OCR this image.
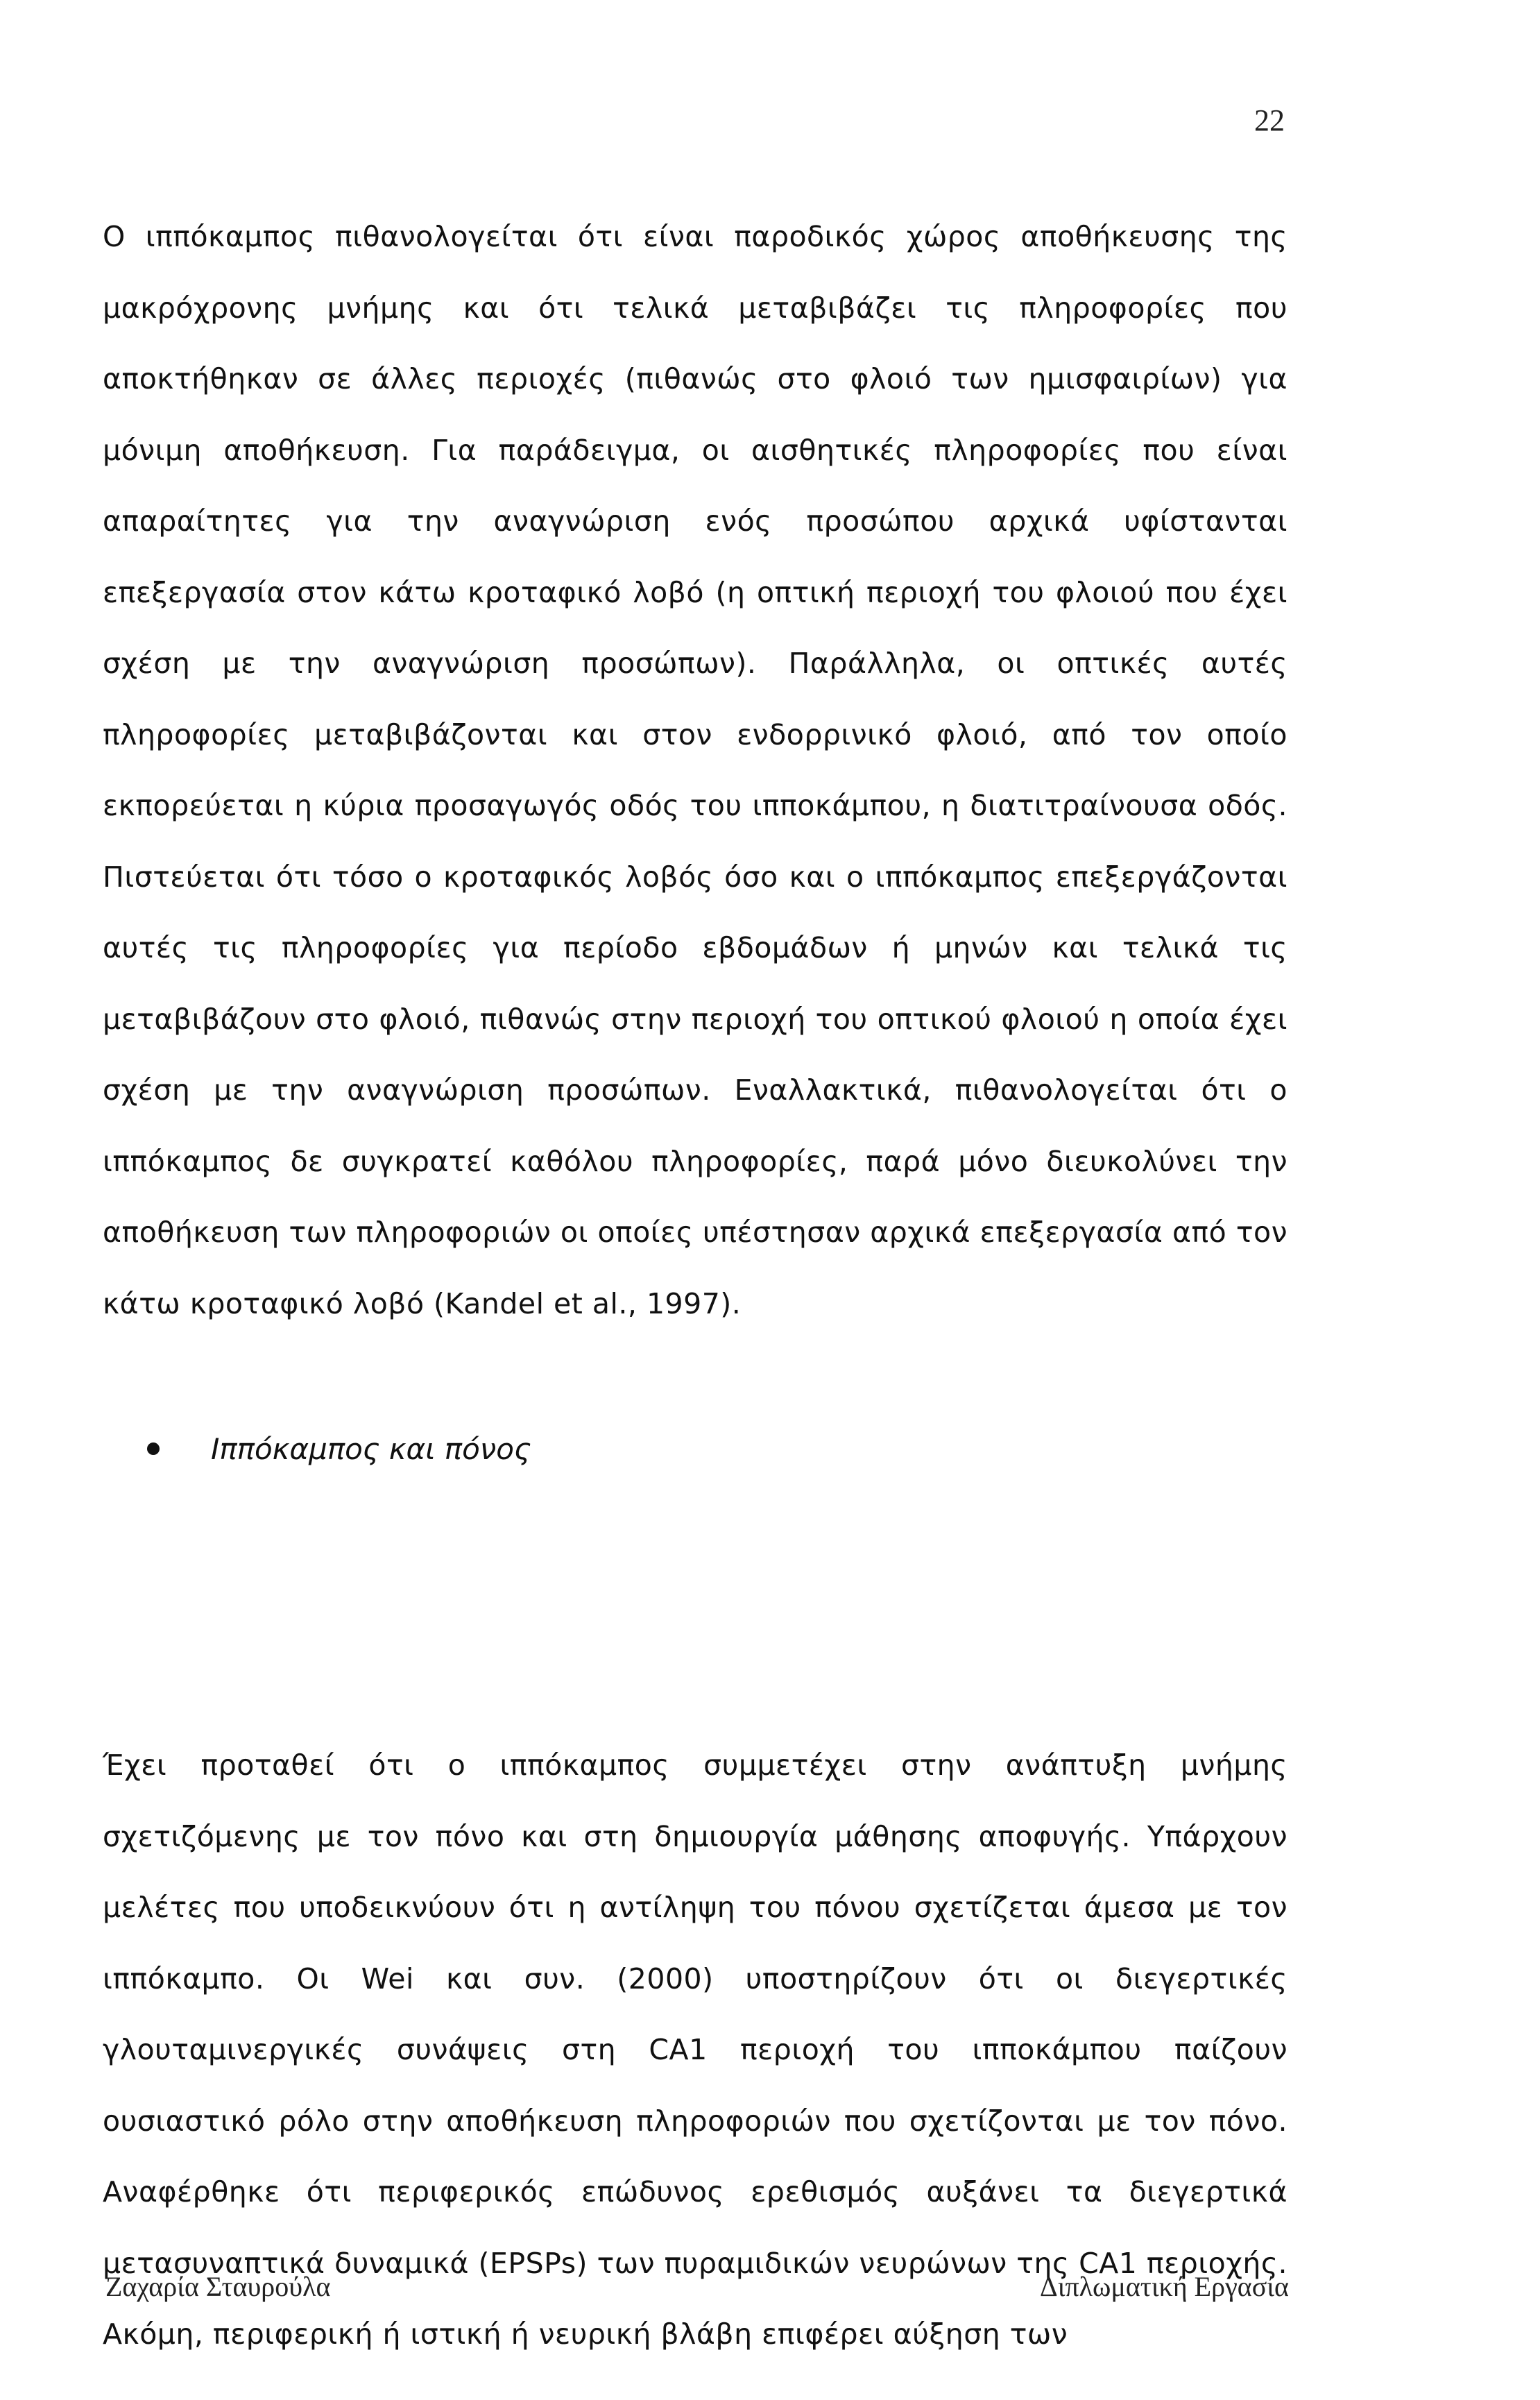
22

Ο ιππόκαμπος πιθανολογείται ότι είναι παροδικός χώρος αποθήκευσης της μακρόχρονης μνήμης και ότι τελικά μεταβιβάζει τις πληροφορίες που αποκτήθηκαν σε άλλες περιοχές (πιθανώς στο φλοιό των ημισφαιρίων) για μόνιμη αποθήκευση. Για παράδειγμα, οι αισθητικές πληροφορίες που είναι απαραίτητες για την αναγνώριση ενός προσώπου αρχικά υφίστανται επεξεργασία στον κάτω κροταφικό λοβό (η οπτική περιοχή του φλοιού που έχει σχέση με την αναγνώριση προσώπων). Παράλληλα, οι οπτικές αυτές πληροφορίες μεταβιβάζονται και στον ενδορρινικό φλοιό, από τον οποίο εκπορεύεται η κύρια προσαγωγός οδός του ιπποκάμπου, η διατιτραίνουσα οδός. Πιστεύεται ότι τόσο ο κροταφικός λοβός όσο και ο ιππόκαμπος επεξεργάζονται αυτές τις πληροφορίες για περίοδο εβδομάδων ή μηνών και τελικά τις μεταβιβάζουν στο φλοιό, πιθανώς στην περιοχή του οπτικού φλοιού η οποία έχει σχέση με την αναγνώριση προσώπων. Εναλλακτικά, πιθανολογείται ότι ο ιππόκαμπος δε συγκρατεί καθόλου πληροφορίες, παρά μόνο διευκολύνει την αποθήκευση των πληροφοριών οι οποίες υπέστησαν αρχικά επεξεργασία από τον κάτω κροταφικό λοβό (Kandel et al., 1997).

Ιππόκαμπος και πόνος

Έχει προταθεί ότι ο ιππόκαμπος συμμετέχει στην ανάπτυξη μνήμης σχετιζόμενης με τον πόνο και στη δημιουργία μάθησης αποφυγής. Υπάρχουν μελέτες που υποδεικνύουν ότι η αντίληψη του πόνου σχετίζεται άμεσα με τον ιππόκαμπο. Οι Wei και συν. (2000) υποστηρίζουν ότι οι διεγερτικές γλουταμινεργικές συνάψεις στη CA1 περιοχή του ιπποκάμπου παίζουν ουσιαστικό ρόλο στην αποθήκευση πληροφοριών που σχετίζονται με τον πόνο. Αναφέρθηκε ότι περιφερικός επώδυνος ερεθισμός αυξάνει τα διεγερτικά μετασυναπτικά δυναμικά (EPSPs) των πυραμιδικών νευρώνων της CA1 περιοχής. Ακόμη, περιφερική ή ιστική ή νευρική βλάβη επιφέρει αύξηση των

Ζαχαρία Σταυρούλα	Διπλωματική Εργασία
